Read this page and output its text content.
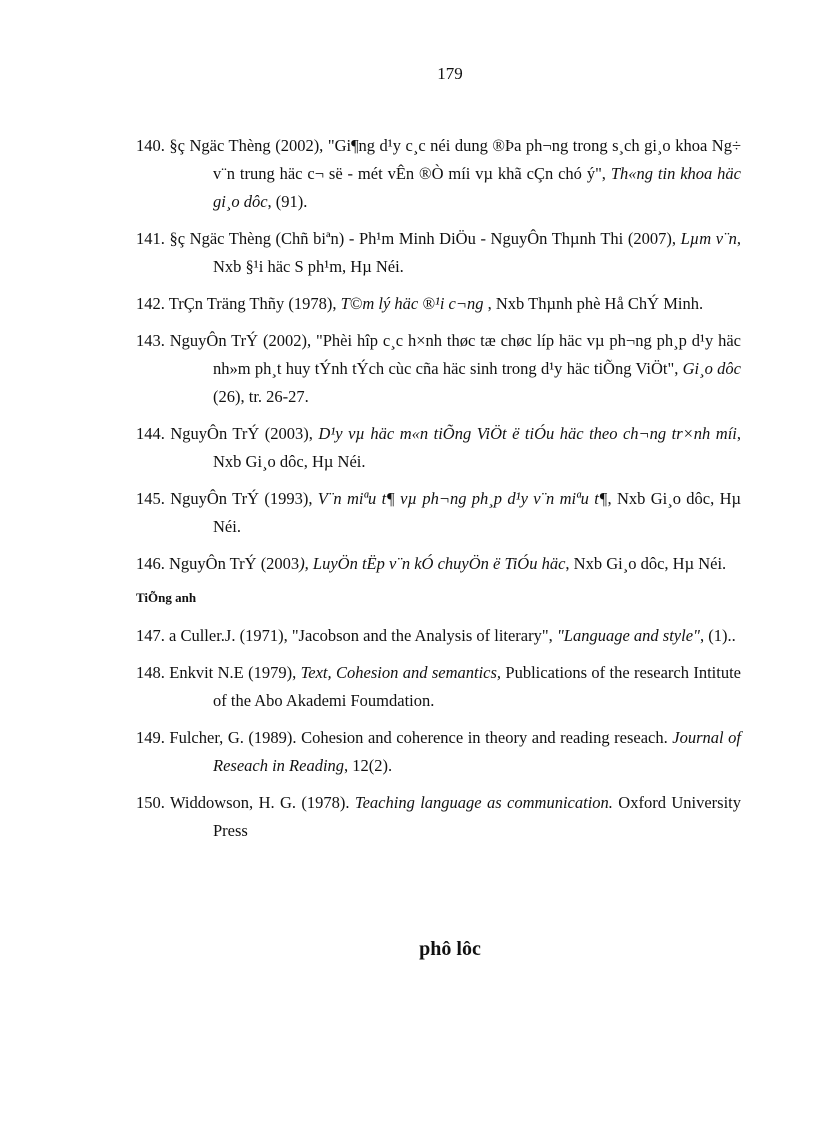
179

140. §ç Ngäc Thèng (2002), "Gi¶ng d¹y c¸c néi dung ®Þa ph¬ng trong s¸ch gi¸o khoa Ng÷ v¨n trung häc c¬ së - mét vÊn ®Ò míi vµ khã cÇn chó ý", Th«ng tin khoa häc gi¸o dôc, (91).

141. §ç Ngäc Thèng (Chñ biªn) - Ph¹m Minh DiÖu - NguyÔn Thµnh Thi (2007), Lµm v¨n, Nxb §¹i häc S ph¹m, Hµ Néi.

142. TrÇn Träng Thñy (1978), T©m lý häc ®¹i c¬ng , Nxb Thµnh phè Hå ChÝ Minh.

143. NguyÔn TrÝ (2002), "Phèi hîp c¸c h×nh thøc tæ chøc líp häc vµ ph¬ng ph¸p d¹y häc nh»m ph¸t huy tÝnh tÝch cùc cña häc sinh trong d¹y häc tiÕng ViÖt", Gi¸o dôc (26), tr. 26-27.

144. NguyÔn TrÝ (2003), D¹y vµ häc m«n tiÕng ViÖt ë tiÓu häc theo ch¬ng tr×nh míi, Nxb Gi¸o dôc, Hµ Néi.

145. NguyÔn TrÝ (1993), V¨n miªu t¶ vµ ph¬ng ph¸p d¹y v¨n miªu t¶, Nxb Gi¸o dôc, Hµ Néi.

146. NguyÔn TrÝ (2003), LuyÖn tËp v¨n kÓ chuyÖn ë TiÓu häc, Nxb Gi¸o dôc, Hµ Néi.

TiÕng anh

147. a Culler.J. (1971), "Jacobson and the Analysis of literary", "Language and style", (1)..

148. Enkvit N.E (1979), Text, Cohesion and semantics, Publications of the research Intitute of the Abo Akademi Foumdation.

149. Fulcher, G. (1989). Cohesion and coherence in theory and reading reseach. Journal of Reseach in Reading, 12(2).

150. Widdowson, H. G. (1978). Teaching language as communication. Oxford University Press

phô lôc
